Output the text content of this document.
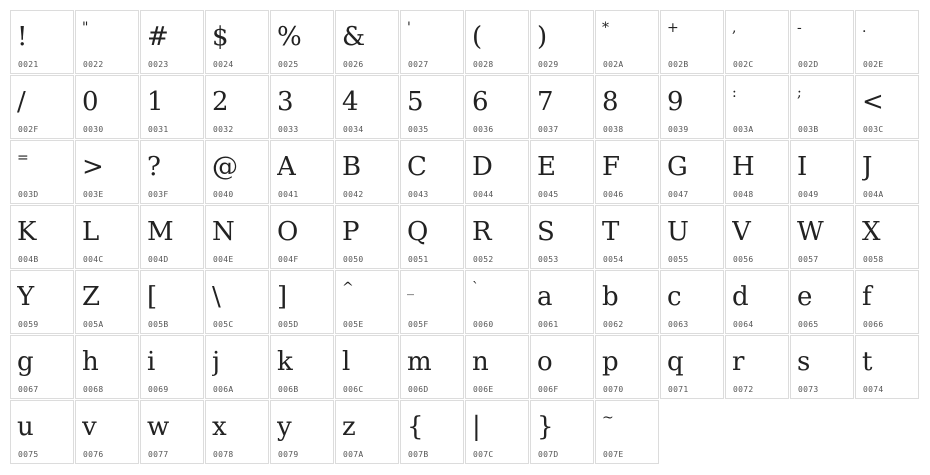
!
0021
"
0022
#
0023
$
0024
%
0025
&
0026
'
0027
(
0028
)
0029
*
002A
+
002B
,
002C
-
002D
.
002E
/
002F
0
0030
1
0031
2
0032
3
0033
4
0034
5
0035
6
0036
7
0037
8
0038
9
0039
:
003A
;
003B
<
003C
=
003D
>
003E
?
003F
@
0040
A
0041
B
0042
C
0043
D
0044
E
0045
F
0046
G
0047
H
0048
I
0049
J
004A
K
004B
L
004C
M
004D
N
004E
O
004F
P
0050
Q
0051
R
0052
S
0053
T
0054
U
0055
V
0056
W
0057
X
0058
Y
0059
Z
005A
[
005B
\
005C
]
005D
^
005E
_
005F
`
0060
a
0061
b
0062
c
0063
d
0064
e
0065
f
0066
g
0067
h
0068
i
0069
j
006A
k
006B
l
006C
m
006D
n
006E
o
006F
p
0070
q
0071
r
0072
s
0073
t
0074
u
0075
v
0076
w
0077
x
0078
y
0079
z
007A
{
007B
|
007C
}
007D
~
007E
